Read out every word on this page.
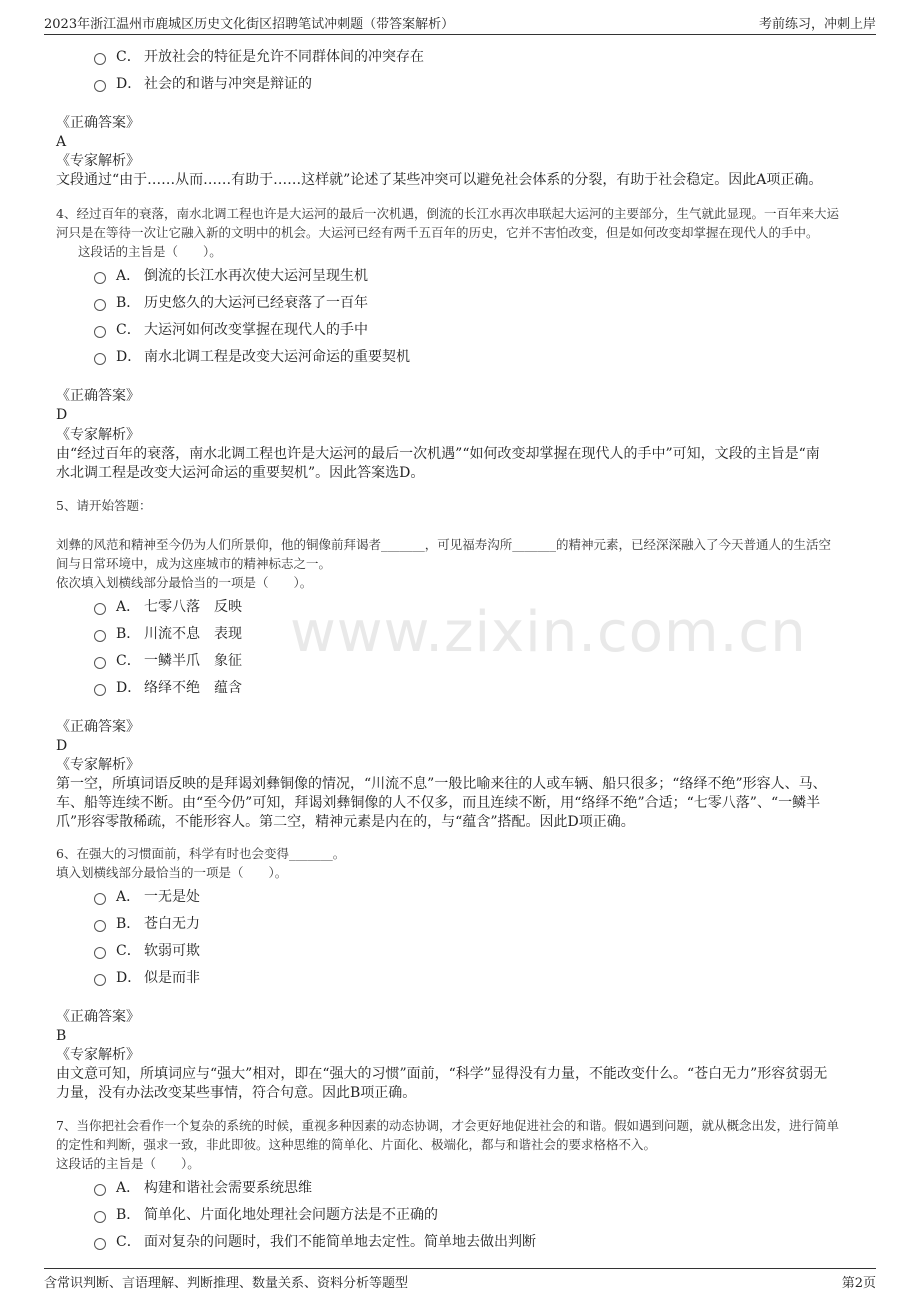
2023年浙江温州市鹿城区历史文化街区招聘笔试冲刺题（带答案解析）	考前练习，冲刺上岸
www.zixin.com.cn
C． 开放社会的特征是允许不同群体间的冲突存在
D． 社会的和谐与冲突是辩证的
《正确答案》
A
《专家解析》
文段通过“由于……从而……有助于……这样就”论述了某些冲突可以避免社会体系的分裂，有助于社会稳定。因此A项正确。
4、经过百年的衰落，南水北调工程也许是大运河的最后一次机遇，倒流的长江水再次串联起大运河的主要部分，生气就此显现。一百年来大运
河只是在等待一次让它融入新的文明中的机会。大运河已经有两千五百年的历史，它并不害怕改变，但是如何改变却掌握在现代人的手中。
这段话的主旨是（　　）。
A． 倒流的长江水再次使大运河呈现生机
B． 历史悠久的大运河已经衰落了一百年
C． 大运河如何改变掌握在现代人的手中
D． 南水北调工程是改变大运河命运的重要契机
《正确答案》
D
《专家解析》
由“经过百年的衰落，南水北调工程也许是大运河的最后一次机遇”“如何改变却掌握在现代人的手中”可知，文段的主旨是“南
水北调工程是改变大运河命运的重要契机”。因此答案选D。
5、请开始答题：
刘彝的风范和精神至今仍为人们所景仰，他的铜像前拜谒者_______，可见福寿沟所_______的精神元素，已经深深融入了今天普通人的生活空
间与日常环境中，成为这座城市的精神标志之一。
依次填入划横线部分最恰当的一项是（　　）。
A． 七零八落　反映
B． 川流不息　表现
C． 一鳞半爪　象征
D． 络绎不绝　蕴含
《正确答案》
D
《专家解析》
第一空，所填词语反映的是拜谒刘彝铜像的情况，“川流不息”一般比喻来往的人或车辆、船只很多；“络绎不绝”形容人、马、
车、船等连续不断。由“至今仍”可知，拜谒刘彝铜像的人不仅多，而且连续不断，用“络绎不绝”合适；“七零八落”、“一鳞半
爪”形容零散稀疏，不能形容人。第二空，精神元素是内在的，与“蕴含”搭配。因此D项正确。
6、在强大的习惯面前，科学有时也会变得_______。
填入划横线部分最恰当的一项是（　　）。
A． 一无是处
B． 苍白无力
C． 软弱可欺
D． 似是而非
《正确答案》
B
《专家解析》
由文意可知，所填词应与“强大”相对，即在“强大的习惯”面前，“科学”显得没有力量，不能改变什么。“苍白无力”形容贫弱无
力量，没有办法改变某些事情，符合句意。因此B项正确。
7、当你把社会看作一个复杂的系统的时候，重视多种因素的动态协调，才会更好地促进社会的和谐。假如遇到问题，就从概念出发，进行简单
的定性和判断，强求一致，非此即彼。这种思维的简单化、片面化、极端化，都与和谐社会的要求格格不入。
这段话的主旨是（　　）。
A． 构建和谐社会需要系统思维
B． 简单化、片面化地处理社会问题方法是不正确的
C． 面对复杂的问题时，我们不能简单地去定性。简单地去做出判断
含常识判断、言语理解、判断推理、数量关系、资料分析等题型	第2页
